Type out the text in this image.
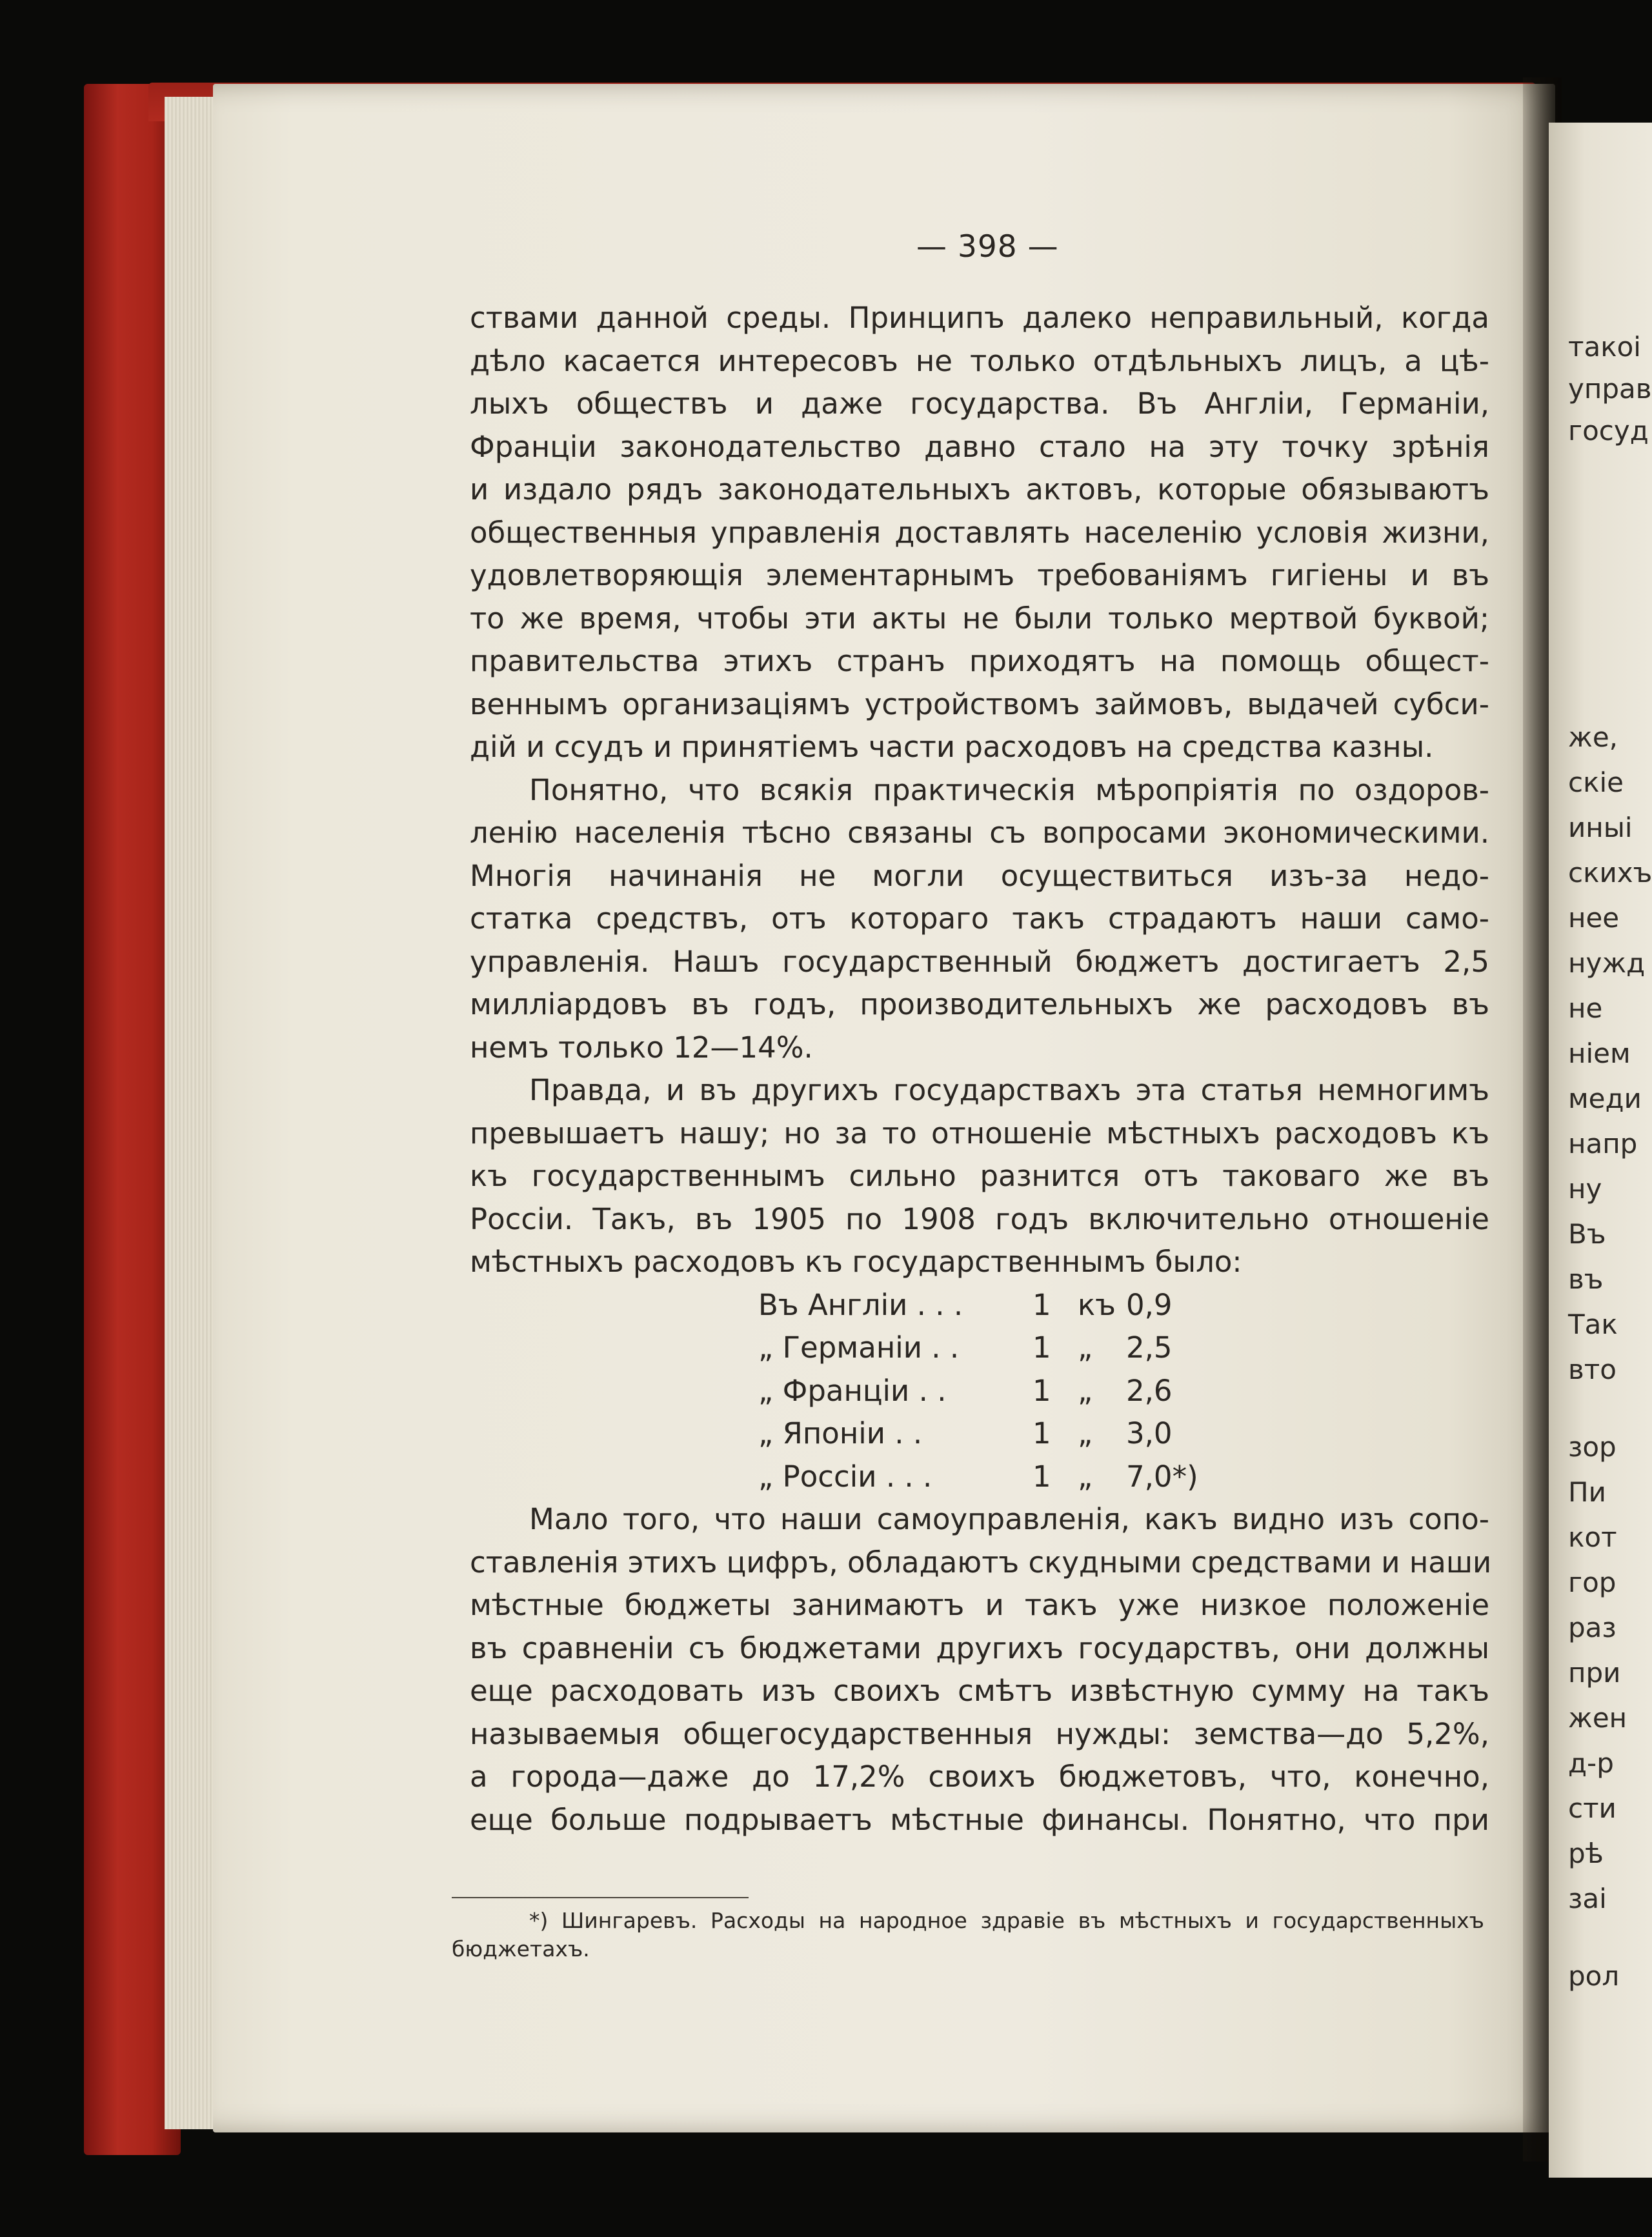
— 398 —
ствами данной среды. Принципъ далеко неправильный, когда
дѣло касается интересовъ не только отдѣльныхъ лицъ, а цѣ-
лыхъ обществъ и даже государства. Въ Англіи, Германіи,
Франціи законодательство давно стало на эту точку зрѣнія
и издало рядъ законодательныхъ актовъ, которые обязываютъ
общественныя управленія доставлять населенію условія жизни,
удовлетворяющія элементарнымъ требованіямъ гигіены и въ
то же время, чтобы эти акты не были только мертвой буквой;
правительства этихъ странъ приходятъ на помощь общест-
веннымъ организаціямъ устройствомъ займовъ, выдачей субси-
дій и ссудъ и принятіемъ части расходовъ на средства казны.
Понятно, что всякія практическія мѣропріятія по оздоров-
ленію населенія тѣсно связаны съ вопросами экономическими.
Многія начинанія не могли осуществиться изъ-за недо-
статка средствъ, отъ котораго такъ страдаютъ наши само-
управленія. Нашъ государственный бюджетъ достигаетъ 2,5
милліардовъ въ годъ, производительныхъ же расходовъ въ
немъ только 12—14%.
Правда, и въ другихъ государствахъ эта статья немногимъ
превышаетъ нашу; но за то отношеніе мѣстныхъ расходовъ къ
къ государственнымъ сильно разнится отъ таковаго же въ
Россіи. Такъ, въ 1905 по 1908 годъ включительно отношеніе
мѣстныхъ расходовъ къ государственнымъ было:
Въ Англіи . . .	1 къ 0,9
„ Германіи . .	1 „	2,5
„ Франціи . .	1 „	2,6
„ Японіи . .	1 „	3,0
„ Россіи . . .	1 „	7,0*)
Мало того, что наши самоуправленія, какъ видно изъ сопо-
ставленія этихъ цифръ, обладаютъ скудными средствами и наши
мѣстные бюджеты занимаютъ и такъ уже низкое положеніе
въ сравненіи съ бюджетами другихъ государствъ, они должны
еще расходовать изъ своихъ смѣтъ извѣстную сумму на такъ
называемыя общегосударственныя нужды: земства—до 5,2%,
а города—даже до 17,2% своихъ бюджетовъ, что, конечно,
еще больше подрываетъ мѣстные финансы. Понятно, что при
*) Шингаревъ. Расходы на народное здравіе въ мѣстныхъ и государственныхъ
бюджетахъ.
такоі
управ
госуд
же,
скіе
иныі
скихъ
нее
нужд
не
ніем
меди
напр
ну
Въ
въ
Так
вто
зор
Пи
кот
гор
раз
при
жен
д-р
сти
рѣ
заі
рол
